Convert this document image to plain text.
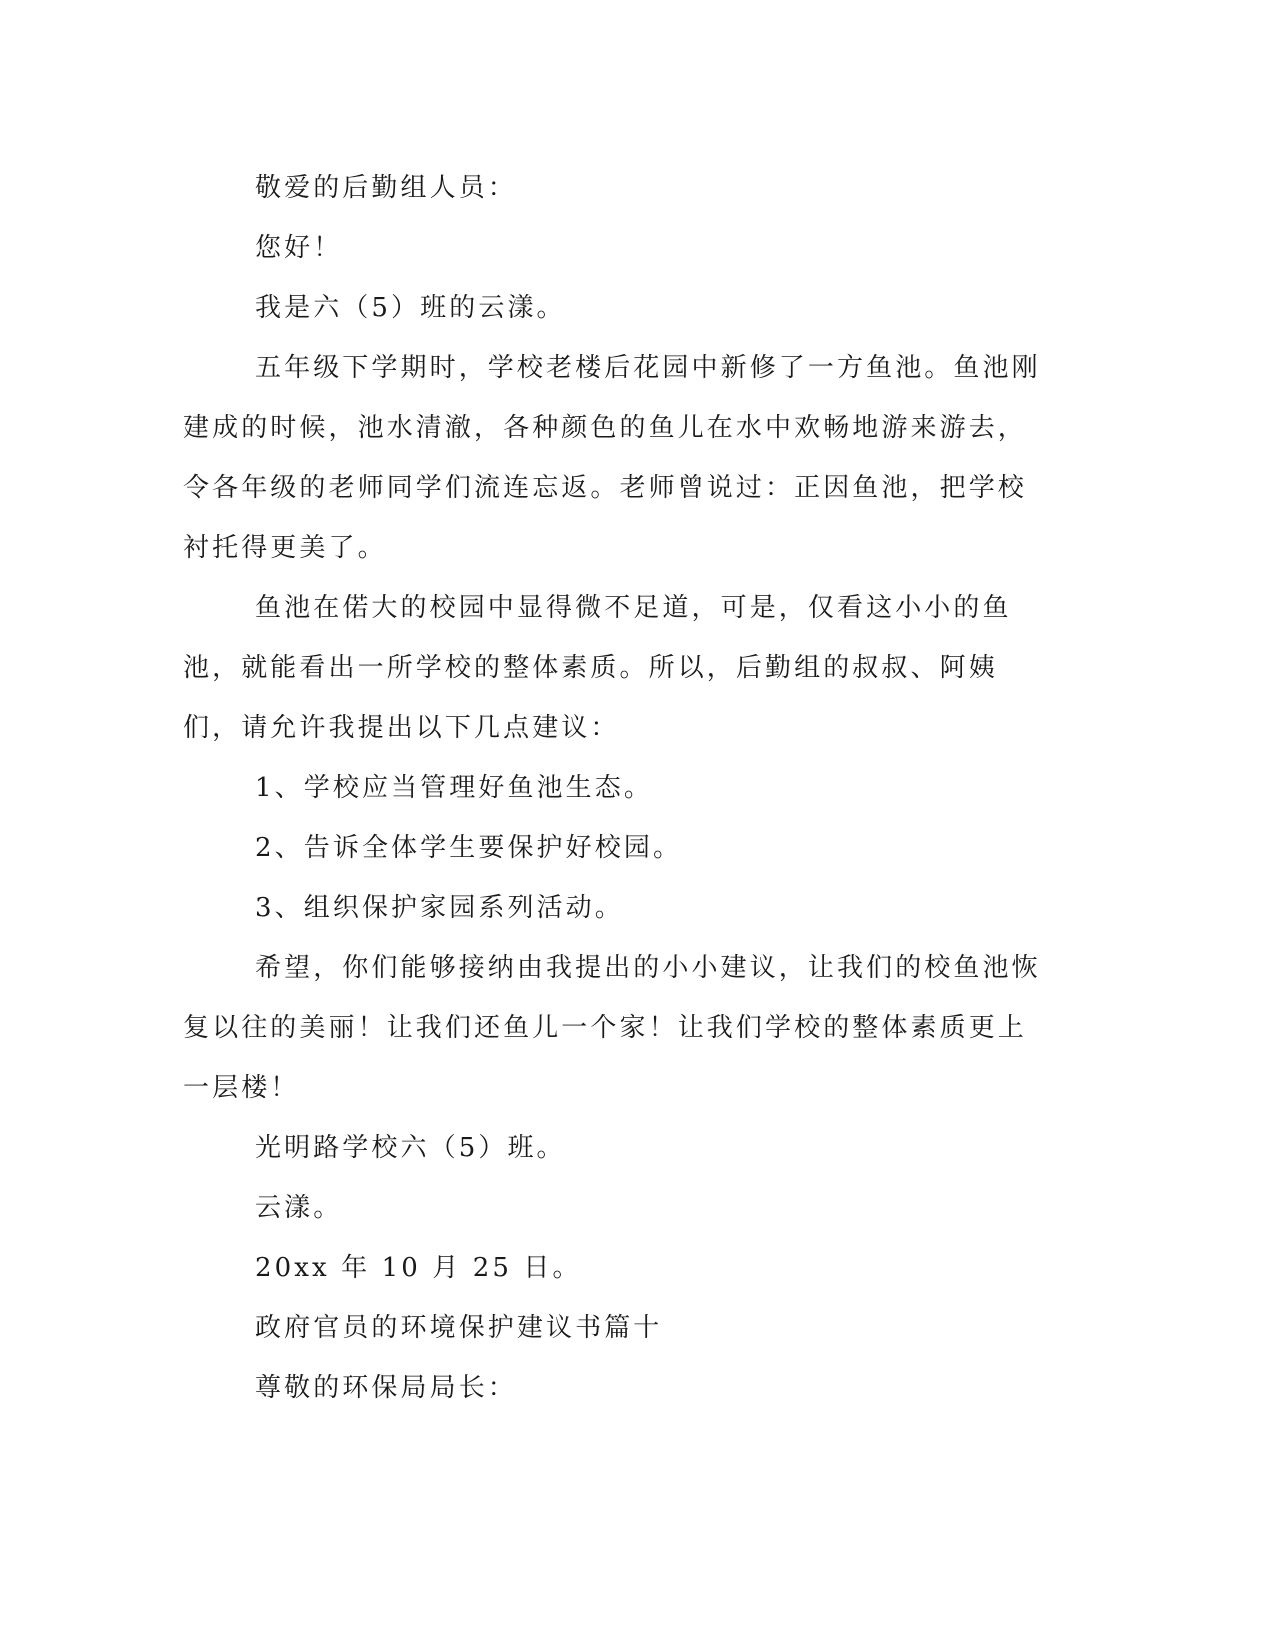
敬爱的后勤组人员：

您好！

我是六（5）班的云漾。

五年级下学期时，学校老楼后花园中新修了一方鱼池。鱼池刚建成的时候，池水清澈，各种颜色的鱼儿在水中欢畅地游来游去，令各年级的老师同学们流连忘返。老师曾说过：正因鱼池，把学校衬托得更美了。

鱼池在偌大的校园中显得微不足道，可是，仅看这小小的鱼池，就能看出一所学校的整体素质。所以，后勤组的叔叔、阿姨们，请允许我提出以下几点建议：

1、学校应当管理好鱼池生态。

2、告诉全体学生要保护好校园。

3、组织保护家园系列活动。

希望，你们能够接纳由我提出的小小建议，让我们的校鱼池恢复以往的美丽！让我们还鱼儿一个家！让我们学校的整体素质更上一层楼！

光明路学校六（5）班。

云漾。

20xx 年 10 月 25 日。

政府官员的环境保护建议书篇十

尊敬的环保局局长：
